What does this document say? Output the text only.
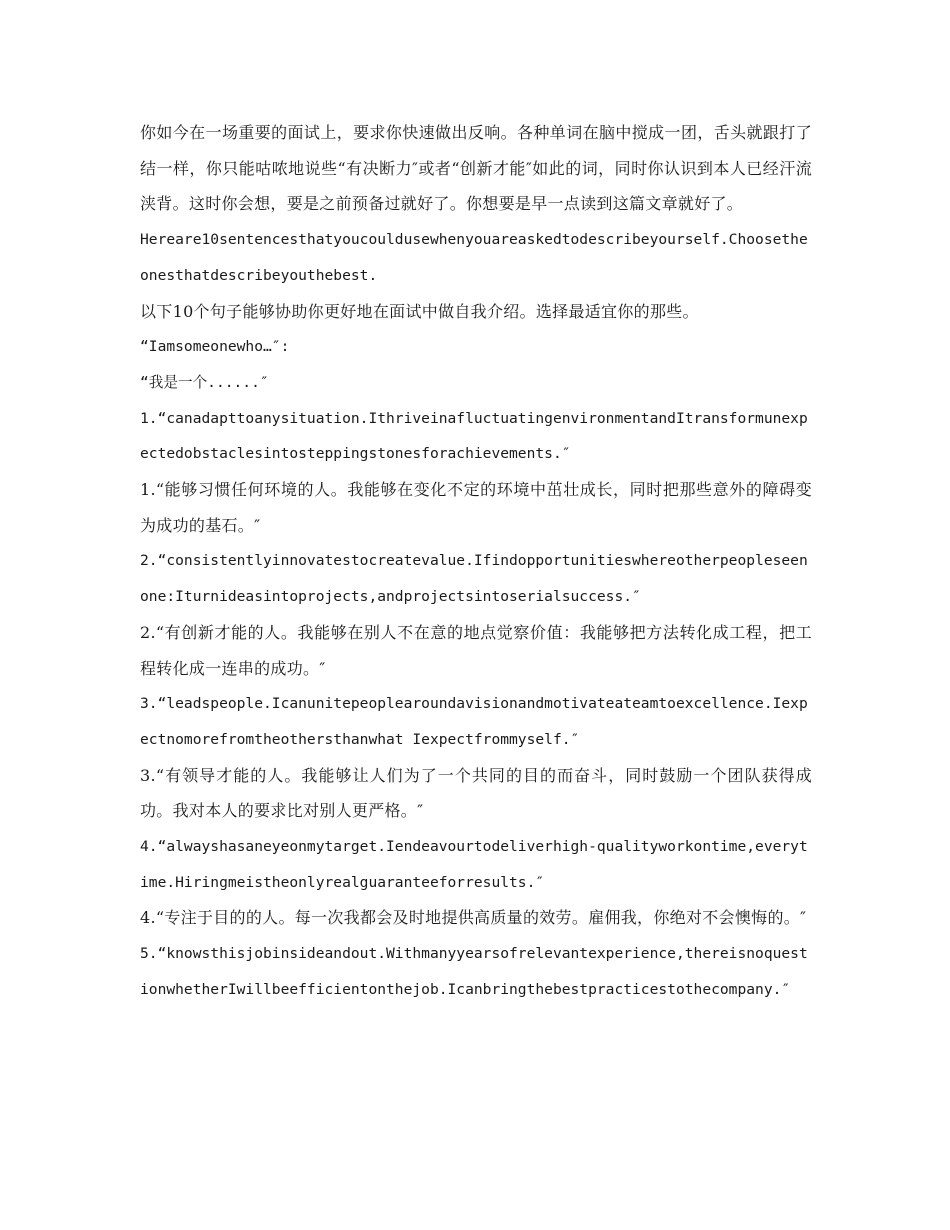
你如今在一场重要的面试上，要求你快速做出反响。各种单词在脑中搅成一团，舌头就跟打了结一样，你只能咕哝地说些“有决断力″或者“创新才能″如此的词，同时你认识到本人已经汗流浃背。这时你会想，要是之前预备过就好了。你想要是早一点读到这篇文章就好了。

Hereare10sentencesthatyoucouldusewhenyouareaskedtodescribeyourself.Choosetheonesthatdescribeyouthebest.

以下10个句子能够协助你更好地在面试中做自我介绍。选择最适宜你的那些。

“Iamsomeonewho…″:

“我是一个......″

1.“canadapttoanysituation.IthriveinafluctuatingenvironmentandItransformunexpectedobstaclesintosteppingstonesforachievements.″

1.“能够习惯任何环境的人。我能够在变化不定的环境中茁壮成长，同时把那些意外的障碍变为成功的基石。″

2.“consistentlyinnovatestocreatevalue.Ifindopportunitieswhereotherpeopleseenone:Iturnideasintoprojects,andprojectsintoserialsuccess.″

2.“有创新才能的人。我能够在别人不在意的地点觉察价值：我能够把方法转化成工程，把工程转化成一连串的成功。″

3.“leadspeople.Icanunitepeoplearoundavisionandmotivateateamtoexcellence.Iexpectnomorefromtheothersthanwhat Iexpectfrommyself.″

3.“有领导才能的人。我能够让人们为了一个共同的目的而奋斗，同时鼓励一个团队获得成功。我对本人的要求比对别人更严格。″

4.“alwayshasaneyeonmytarget.Iendeavourtodeliverhigh-qualityworkontime,everytime.Hiringmeistheonlyrealguaranteeforresults.″

4.“专注于目的的人。每一次我都会及时地提供高质量的效劳。雇佣我，你绝对不会懊悔的。″

5.“knowsthisjobinsideandout.Withmanyyearsofrelevantexperience,thereisnoquestionwhetherIwillbeefficientonthejob.Icanbringthebestpracticestothecompany.″
